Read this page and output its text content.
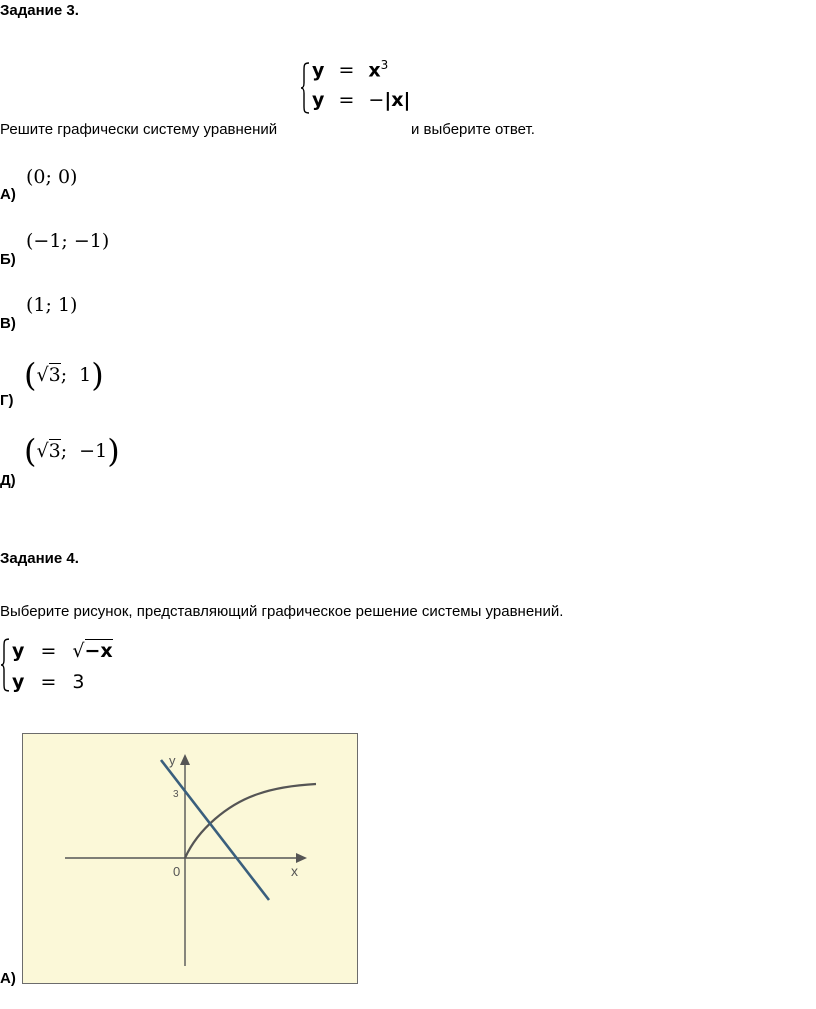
Задание 3.
$y = x^3$
y = −|x|
Решите графически систему уравнений	и выберите ответ.
(0; 0)
А)
(−1; −1)
Б)
(1; 1)
В)
(√3;  1)
Г)
(√3;  −1)
Д)
Задание 4.
Выберите рисунок, представляющий графическое решение системы уравнений.
y = √−x
y = 3
y
x
0
3
А)
